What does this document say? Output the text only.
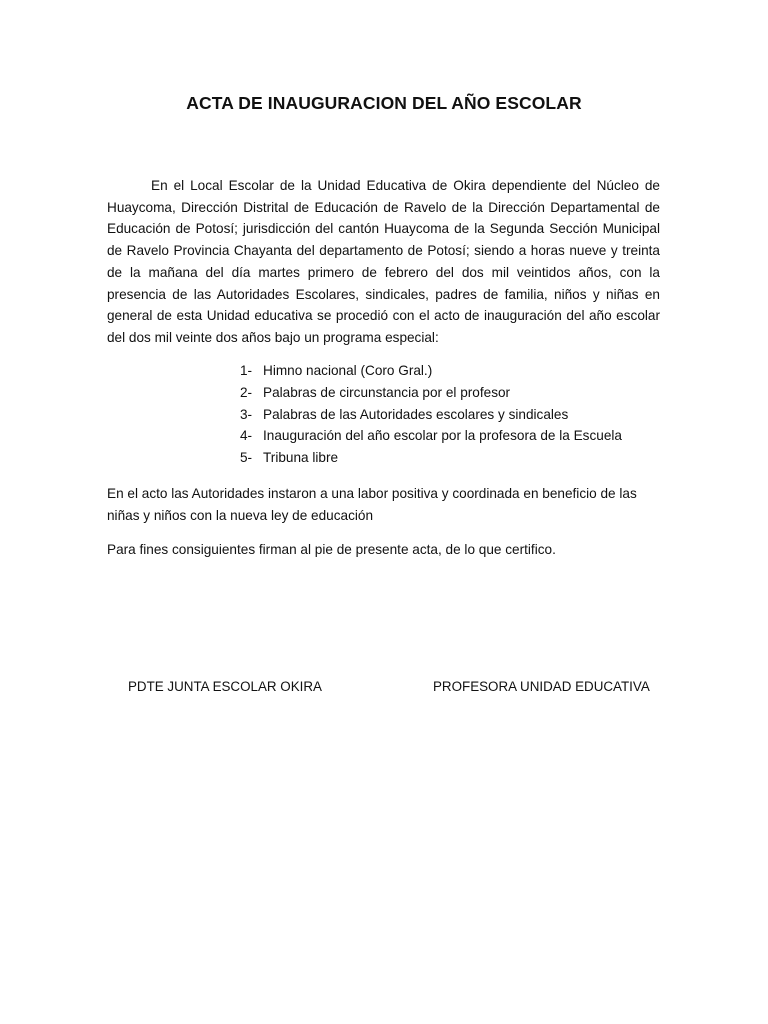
ACTA DE INAUGURACION DEL AÑO ESCOLAR

En el Local Escolar de la Unidad Educativa de Okira dependiente del Núcleo de Huaycoma, Dirección Distrital de Educación de Ravelo de la Dirección Departamental de Educación de Potosí; jurisdicción del cantón Huaycoma de la Segunda Sección Municipal de Ravelo Provincia Chayanta del departamento de Potosí; siendo a horas nueve y treinta de la mañana del día martes primero de febrero del dos mil veintidos años, con la presencia de las Autoridades Escolares, sindicales, padres de familia, niños y niñas en general de esta Unidad educativa se procedió con el acto de inauguración del año escolar del dos mil veinte dos años bajo un programa especial:

1- Himno nacional (Coro Gral.)
2- Palabras de circunstancia por el profesor
3- Palabras de las Autoridades escolares y sindicales
4- Inauguración del año escolar por la profesora de la Escuela
5- Tribuna libre

En el acto las Autoridades instaron a una labor positiva y coordinada en beneficio de las niñas y niños con la nueva ley de educación

Para fines consiguientes firman al pie de presente acta, de lo que certifico.

PDTE JUNTA ESCOLAR OKIRA	PROFESORA UNIDAD EDUCATIVA
